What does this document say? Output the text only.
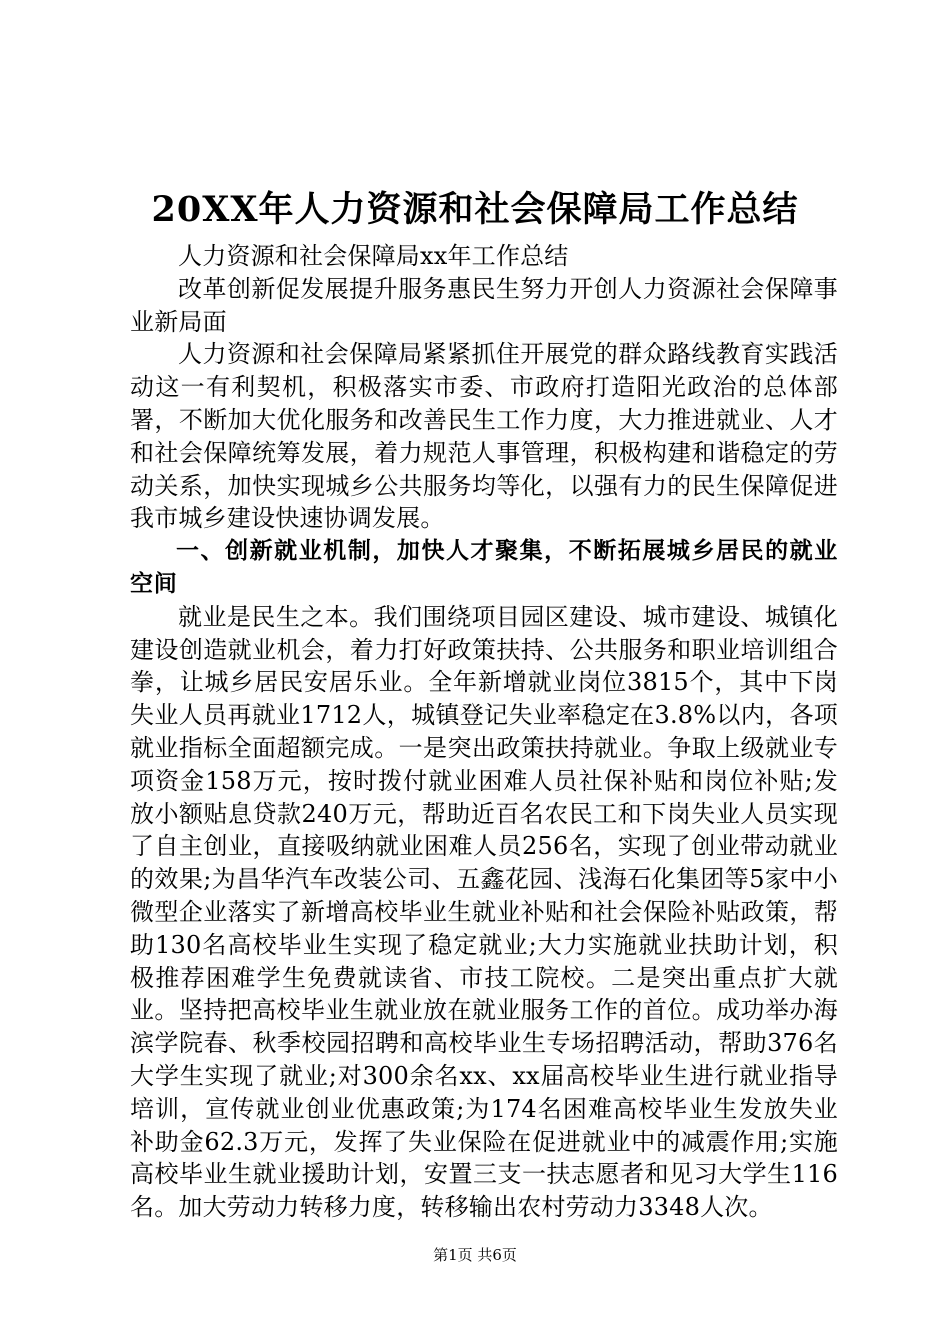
20XX年人力资源和社会保障局工作总结

人力资源和社会保障局xx年工作总结

改革创新促发展提升服务惠民生努力开创人力资源社会保障事业新局面

人力资源和社会保障局紧紧抓住开展党的群众路线教育实践活动这一有利契机，积极落实市委、市政府打造阳光政治的总体部署，不断加大优化服务和改善民生工作力度，大力推进就业、人才和社会保障统筹发展，着力规范人事管理，积极构建和谐稳定的劳动关系，加快实现城乡公共服务均等化，以强有力的民生保障促进我市城乡建设快速协调发展。

一、创新就业机制，加快人才聚集，不断拓展城乡居民的就业空间

就业是民生之本。我们围绕项目园区建设、城市建设、城镇化建设创造就业机会，着力打好政策扶持、公共服务和职业培训组合拳，让城乡居民安居乐业。全年新增就业岗位3815个，其中下岗失业人员再就业1712人，城镇登记失业率稳定在3.8%以内，各项就业指标全面超额完成。一是突出政策扶持就业。争取上级就业专项资金158万元，按时拨付就业困难人员社保补贴和岗位补贴;发放小额贴息贷款240万元，帮助近百名农民工和下岗失业人员实现了自主创业，直接吸纳就业困难人员256名，实现了创业带动就业的效果;为昌华汽车改装公司、五鑫花园、浅海石化集团等5家中小微型企业落实了新增高校毕业生就业补贴和社会保险补贴政策，帮助130名高校毕业生实现了稳定就业;大力实施就业扶助计划，积极推荐困难学生免费就读省、市技工院校。二是突出重点扩大就业。坚持把高校毕业生就业放在就业服务工作的首位。成功举办海滨学院春、秋季校园招聘和高校毕业生专场招聘活动，帮助376名大学生实现了就业;对300余名xx、xx届高校毕业生进行就业指导培训，宣传就业创业优惠政策;为174名困难高校毕业生发放失业补助金62.3万元，发挥了失业保险在促进就业中的减震作用;实施高校毕业生就业援助计划，安置三支一扶志愿者和见习大学生116名。加大劳动力转移力度，转移输出农村劳动力3348人次。

第1页 共6页
